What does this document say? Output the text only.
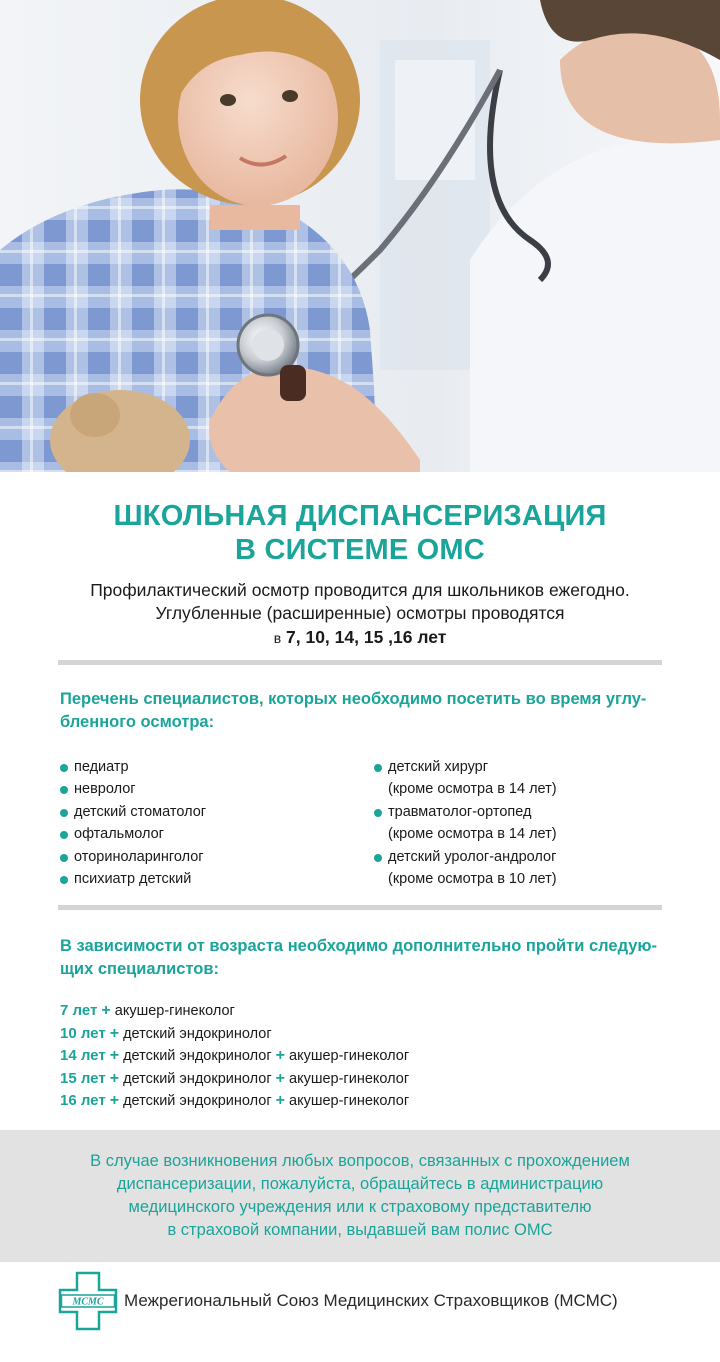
ШКОЛЬНАЯ ДИСПАНСЕРИЗАЦИЯ
В СИСТЕМЕ ОМС
Профилактический осмотр проводится для школьников ежегодно.
Углубленные (расширенные) осмотры проводятся
в 7, 10, 14, 15 ,16 лет
Перечень специалистов, которых необходимо посетить во время углу-
бленного осмотра:
педиатр
невролог
детский стоматолог
офтальмолог
оториноларинголог
психиатр детский
детский хирург
(кроме осмотра в 14 лет)
травматолог-ортопед
(кроме осмотра в 14 лет)
детский уролог-андролог
(кроме осмотра в 10 лет)
В зависимости от возраста необходимо дополнительно пройти следую-
щих специалистов:
7 лет + акушер-гинеколог
10 лет + детский эндокринолог
14 лет + детский эндокринолог + акушер-гинеколог
15 лет + детский эндокринолог + акушер-гинеколог
16 лет + детский эндокринолог + акушер-гинеколог
В случае возникновения любых вопросов, связанных с прохождением
диспансеризации, пожалуйста, обращайтесь в администрацию
медицинского учреждения или к страховому представителю
в страховой компании, выдавшей вам полис ОМС
МСМС Межрегиональный Союз Медицинских Страховщиков (МСМС)
